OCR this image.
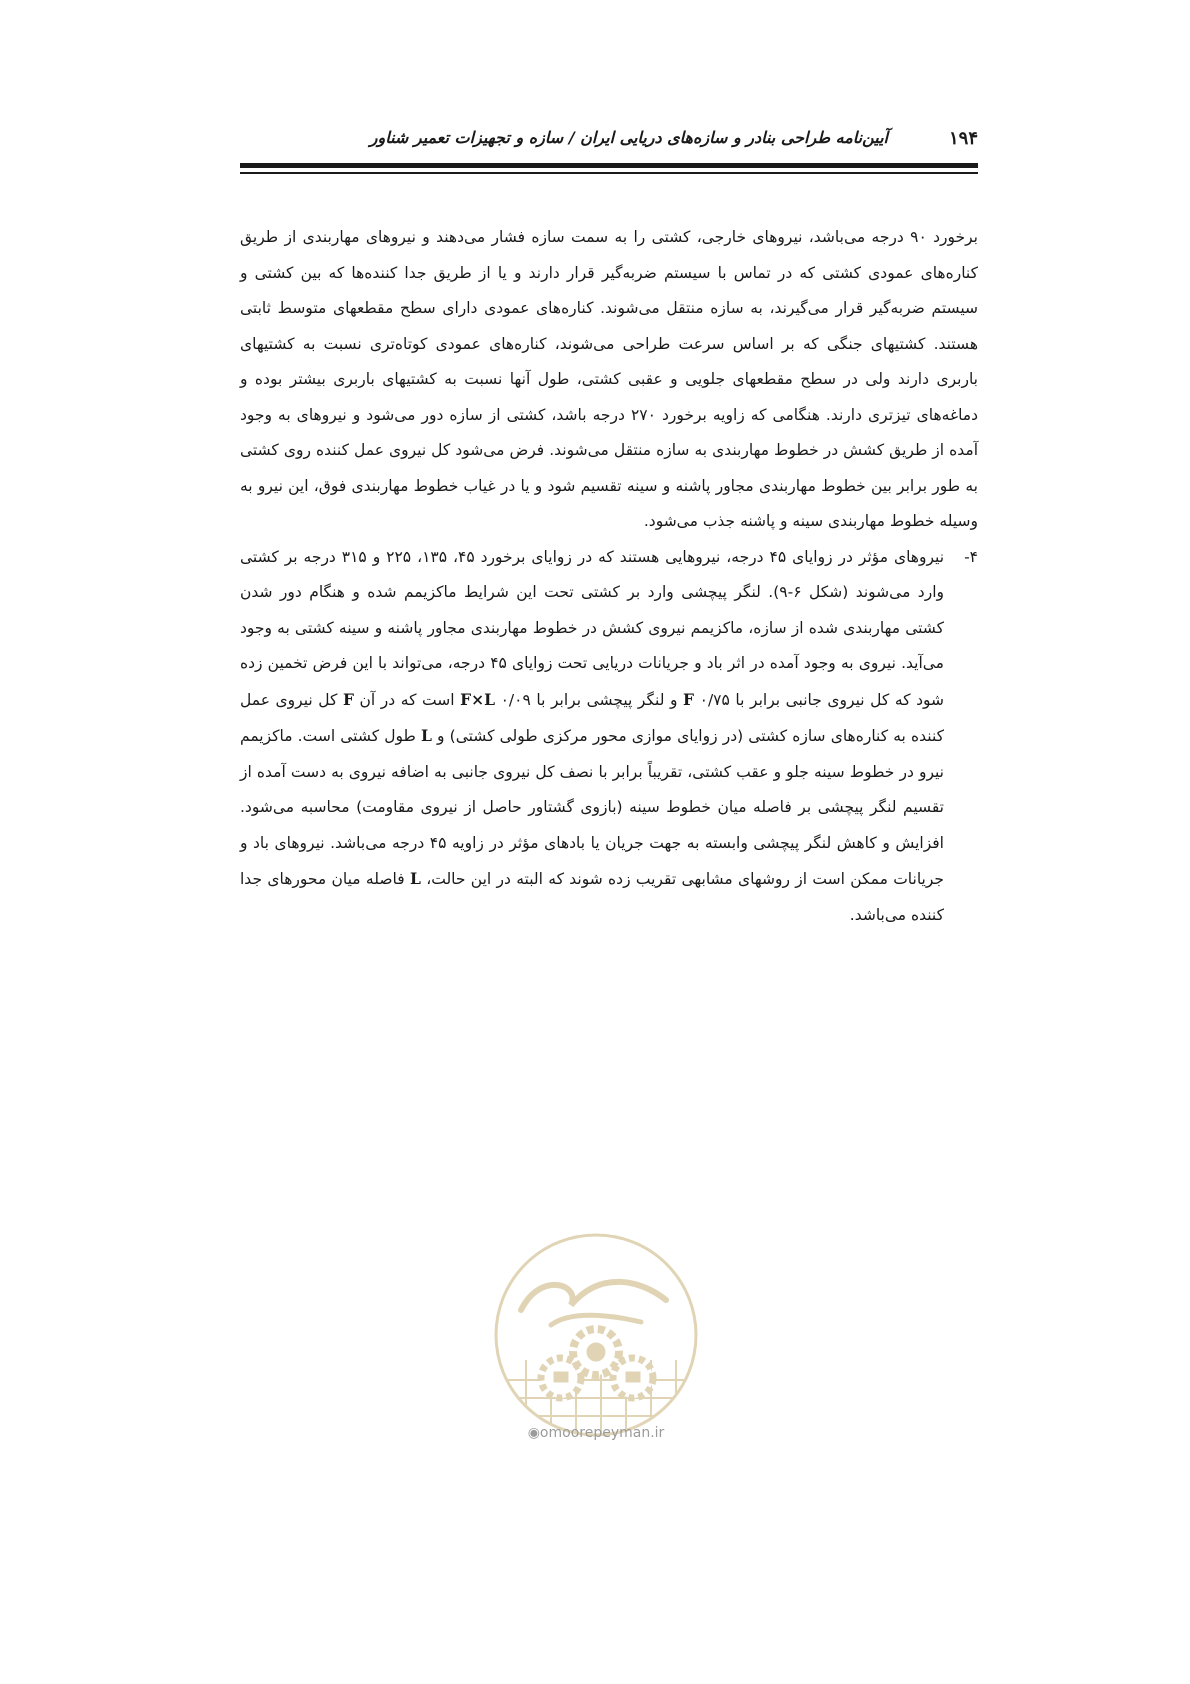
آیین‌نامه طراحی بنادر و سازه‌های دریایی ایران / سازه و تجهیزات تعمیر شناور	۱۹۴

برخورد ۹۰ درجه می‌باشد، نیروهای خارجی، کشتی را به سمت سازه فشار می‌دهند و نیروهای مهاربندی از طریق کناره‌های عمودی کشتی که در تماس با سیستم ضربه‌گیر قرار دارند و یا از طریق جدا کننده‌ها که بین کشتی و سیستم ضربه‌گیر قرار می‌گیرند، به سازه منتقل می‌شوند. کناره‌های عمودی دارای سطح مقطعهای متوسط ثابتی هستند. کشتیهای جنگی که بر اساس سرعت طراحی می‌شوند، کناره‌های عمودی کوتاه‌تری نسبت به کشتیهای باربری دارند ولی در سطح مقطعهای جلویی و عقبی کشتی، طول آنها نسبت به کشتیهای باربری بیشتر بوده و دماغه‌های تیزتری دارند. هنگامی که زاویه برخورد ۲۷۰ درجه باشد، کشتی از سازه دور می‌شود و نیروهای به وجود آمده از طریق کشش در خطوط مهاربندی به سازه منتقل می‌شوند. فرض می‌شود کل نیروی عمل کننده روی کشتی به طور برابر بین خطوط مهاربندی مجاور پاشنه و سینه تقسیم شود و یا در غیاب خطوط مهاربندی فوق، این نیرو به وسیله خطوط مهاربندی سینه و پاشنه جذب می‌شود.

۴-
نیروهای مؤثر در زوایای ۴۵ درجه، نیروهایی هستند که در زوایای برخورد ۴۵، ۱۳۵، ۲۲۵ و ۳۱۵ درجه بر کشتی وارد می‌شوند (شکل ۶-۹). لنگر پیچشی وارد بر کشتی تحت این شرایط ماکزیمم شده و هنگام دور شدن کشتی مهاربندی شده از سازه، ماکزیمم نیروی کشش در خطوط مهاربندی مجاور پاشنه و سینه کشتی به وجود می‌آید. نیروی به وجود آمده در اثر باد و جریانات دریایی تحت زوایای ۴۵ درجه، می‌تواند با این فرض تخمین زده شود که کل نیروی جانبی برابر با F ۰/۷۵ و لنگر پیچشی برابر با F×L ۰/۰۹ است که در آن F کل نیروی عمل کننده به کناره‌های سازه کشتی (در زوایای موازی محور مرکزی طولی کشتی) و L طول کشتی است. ماکزیمم نیرو در خطوط سینه جلو و عقب کشتی، تقریباً برابر با نصف کل نیروی جانبی به اضافه نیروی به دست آمده از تقسیم لنگر پیچشی بر فاصله میان خطوط سینه (بازوی گشتاور حاصل از نیروی مقاومت) محاسبه می‌شود. افزایش و کاهش لنگر پیچشی وابسته به جهت جریان یا بادهای مؤثر در زاویه ۴۵ درجه می‌باشد. نیروهای باد و جریانات ممکن است از روشهای مشابهی تقریب زده شوند که البته در این حالت، L فاصله میان محورهای جدا کننده می‌باشد.

◉omoorepeyman.ir
